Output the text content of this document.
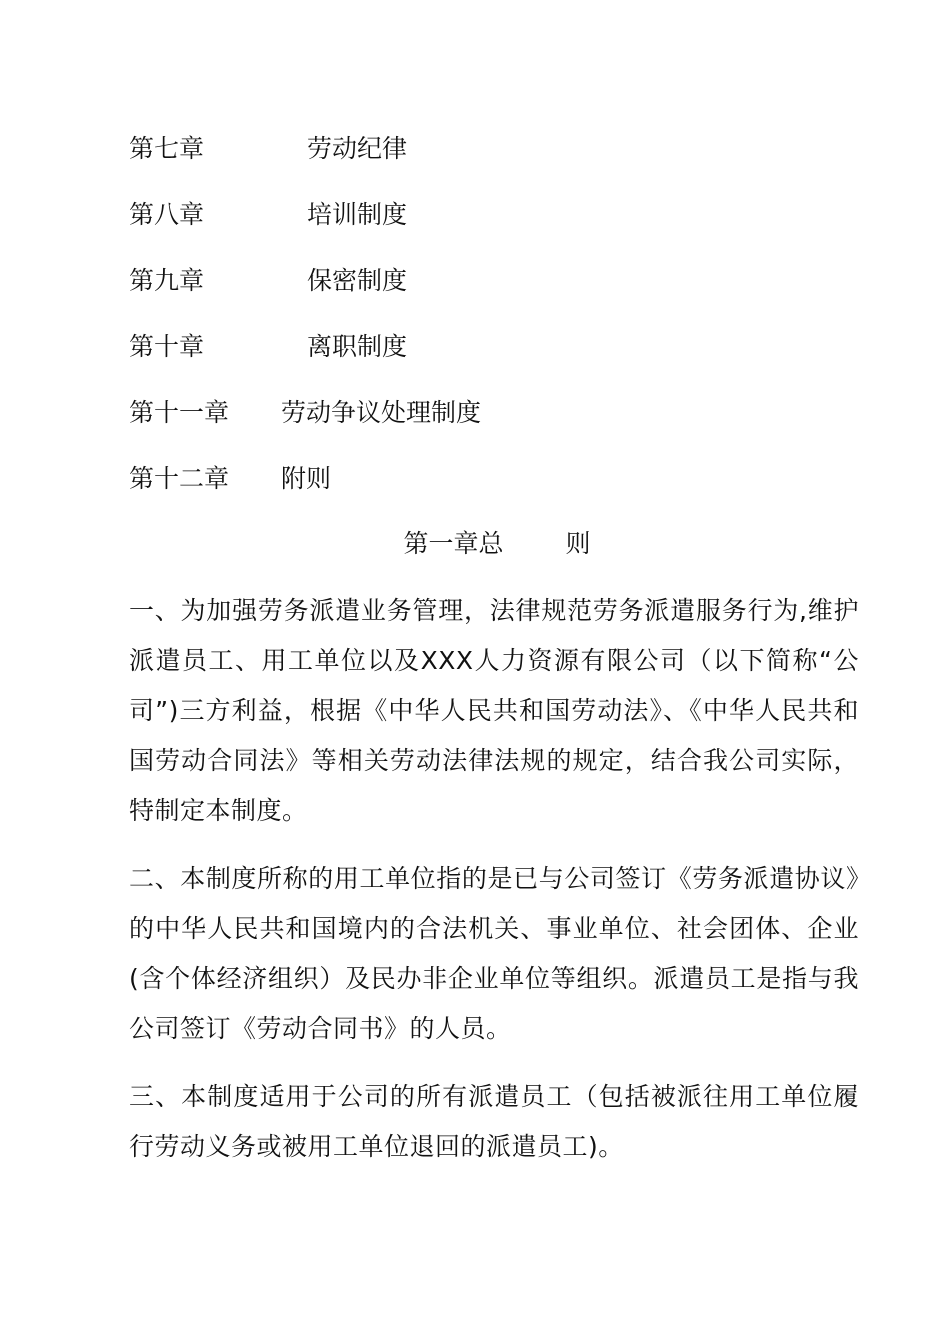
第七章	劳动纪律
第八章	培训制度
第九章	保密制度
第十章	离职制度
第十一章 劳动争议处理制度
第十二章 附则
第一章总 则

一、为加强劳务派遣业务管理，法律规范劳务派遣服务行为,维护派遣员工、用工单位以及XXX人力资源有限公司（以下简称“公司”)三方利益，根据《中华人民共和国劳动法》、《中华人民共和国劳动合同法》等相关劳动法律法规的规定，结合我公司实际，特制定本制度。

二、本制度所称的用工单位指的是已与公司签订《劳务派遣协议》的中华人民共和国境内的合法机关、事业单位、社会团体、企业(含个体经济组织）及民办非企业单位等组织。派遣员工是指与我公司签订《劳动合同书》的人员。

三、本制度适用于公司的所有派遣员工（包括被派往用工单位履行劳动义务或被用工单位退回的派遣员工)。
